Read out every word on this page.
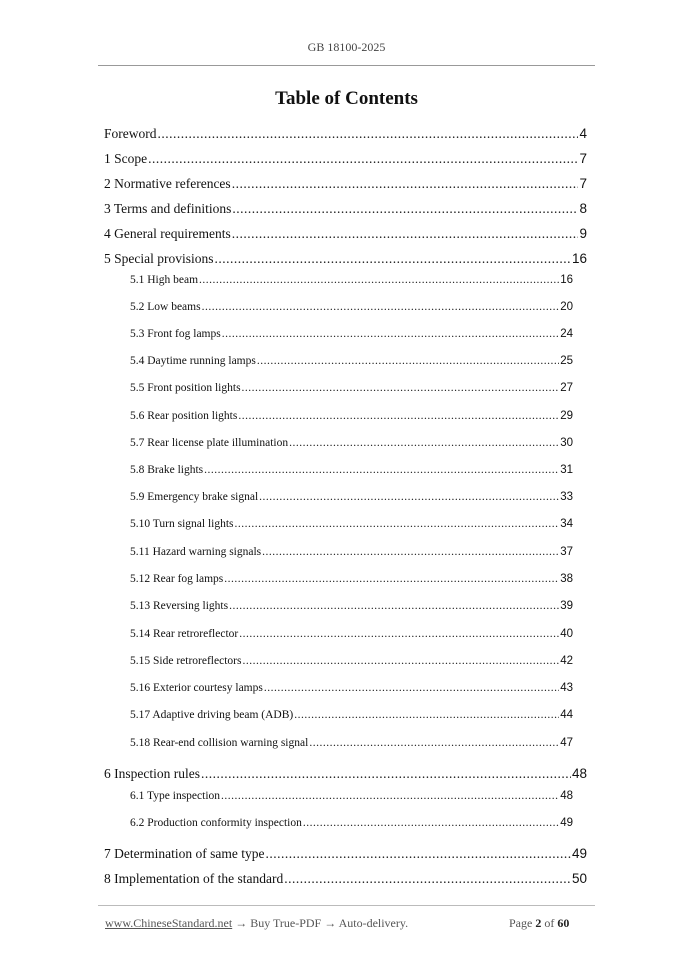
GB 18100-2025
Table of Contents
Foreword .....	4
1 Scope .....	7
2 Normative references .....	7
3 Terms and definitions .....	8
4 General requirements .....	9
5 Special provisions .....	16
5.1 High beam .....	16
5.2 Low beams .....	20
5.3 Front fog lamps .....	24
5.4 Daytime running lamps .....	25
5.5 Front position lights .....	27
5.6 Rear position lights .....	29
5.7 Rear license plate illumination .....	30
5.8 Brake lights .....	31
5.9 Emergency brake signal .....	33
5.10 Turn signal lights .....	34
5.11 Hazard warning signals .....	37
5.12 Rear fog lamps .....	38
5.13 Reversing lights .....	39
5.14 Rear retroreflector .....	40
5.15 Side retroreflectors .....	42
5.16 Exterior courtesy lamps .....	43
5.17 Adaptive driving beam (ADB) .....	44
5.18 Rear-end collision warning signal .....	47
6 Inspection rules .....	48
6.1 Type inspection .....	48
6.2 Production conformity inspection .....	49
7 Determination of same type .....	49
8 Implementation of the standard .....	50
www.ChineseStandard.net → Buy True-PDF → Auto-delivery.	Page 2 of 60
